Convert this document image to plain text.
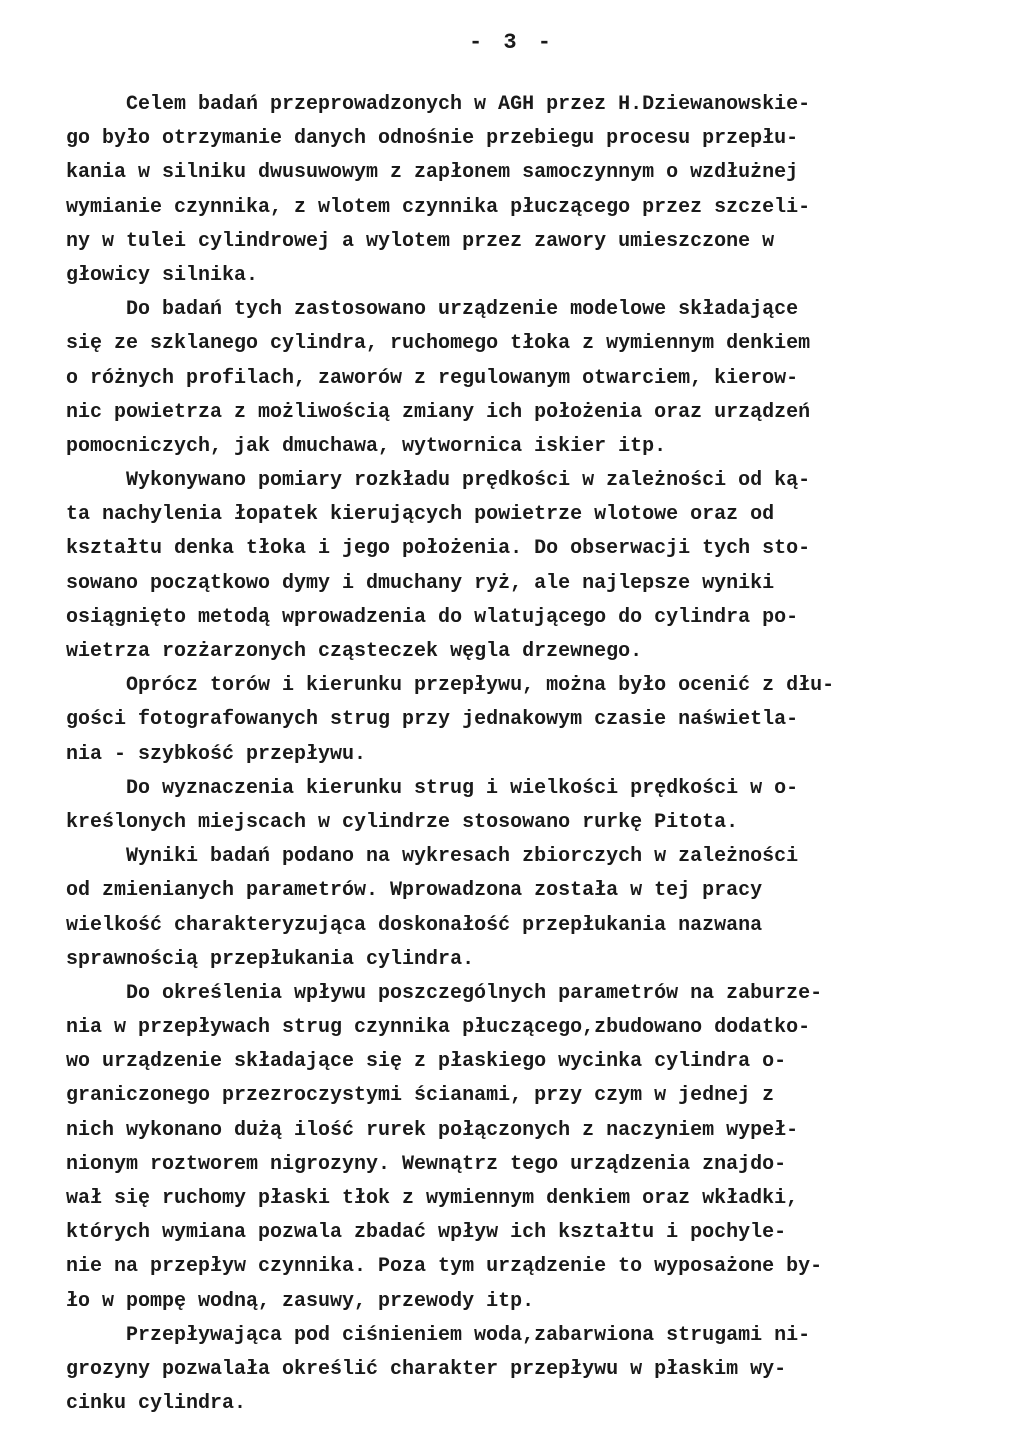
- 3 -
Celem badań przeprowadzonych w AGH przez H.Dziewanowskie-
go było otrzymanie danych odnośnie przebiegu procesu przepłu-
kania w silniku dwusuwowym z zapłonem samoczynnym o wzdłużnej
wymianie czynnika, z wlotem czynnika płuczącego przez szczeli-
ny w tulei cylindrowej a wylotem przez zawory umieszczone w
głowicy silnika.
Do badań tych zastosowano urządzenie modelowe składające
się ze szklanego cylindra, ruchomego tłoka z wymiennym denkiem
o różnych profilach, zaworów z regulowanym otwarciem, kierow-
nic powietrza z możliwością zmiany ich położenia oraz urządzeń
pomocniczych, jak dmuchawa, wytwornica iskier itp.
Wykonywano pomiary rozkładu prędkości w zależności od ką-
ta nachylenia łopatek kierujących powietrze wlotowe oraz od
kształtu denka tłoka i jego położenia. Do obserwacji tych sto-
sowano początkowo dymy i dmuchany ryż, ale najlepsze wyniki
osiągnięto metodą wprowadzenia do wlatującego do cylindra po-
wietrza rozżarzonych cząsteczek węgla drzewnego.
Oprócz torów i kierunku przepływu, można było ocenić z dłu-
gości fotografowanych strug przy jednakowym czasie naświetla-
nia - szybkość przepływu.
Do wyznaczenia kierunku strug i wielkości prędkości w o-
kreślonych miejscach w cylindrze stosowano rurkę Pitota.
Wyniki badań podano na wykresach zbiorczych w zależności
od zmienianych parametrów. Wprowadzona została w tej pracy
wielkość charakteryzująca doskonałość przepłukania nazwana
sprawnością przepłukania cylindra.
Do określenia wpływu poszczególnych parametrów na zaburze-
nia w przepływach strug czynnika płuczącego,zbudowano dodatko-
wo urządzenie składające się z płaskiego wycinka cylindra o-
graniczonego przezroczystymi ścianami, przy czym w jednej z
nich wykonano dużą ilość rurek połączonych z naczyniem wypeł-
nionym roztworem nigrozyny. Wewnątrz tego urządzenia znajdo-
wał się ruchomy płaski tłok z wymiennym denkiem oraz wkładki,
których wymiana pozwala zbadać wpływ ich kształtu i pochyle-
nie na przepływ czynnika. Poza tym urządzenie to wyposażone by-
ło w pompę wodną, zasuwy, przewody itp.
Przepływająca pod ciśnieniem woda,zabarwiona strugami ni-
grozyny pozwalała określić charakter przepływu w płaskim wy-
cinku cylindra.
